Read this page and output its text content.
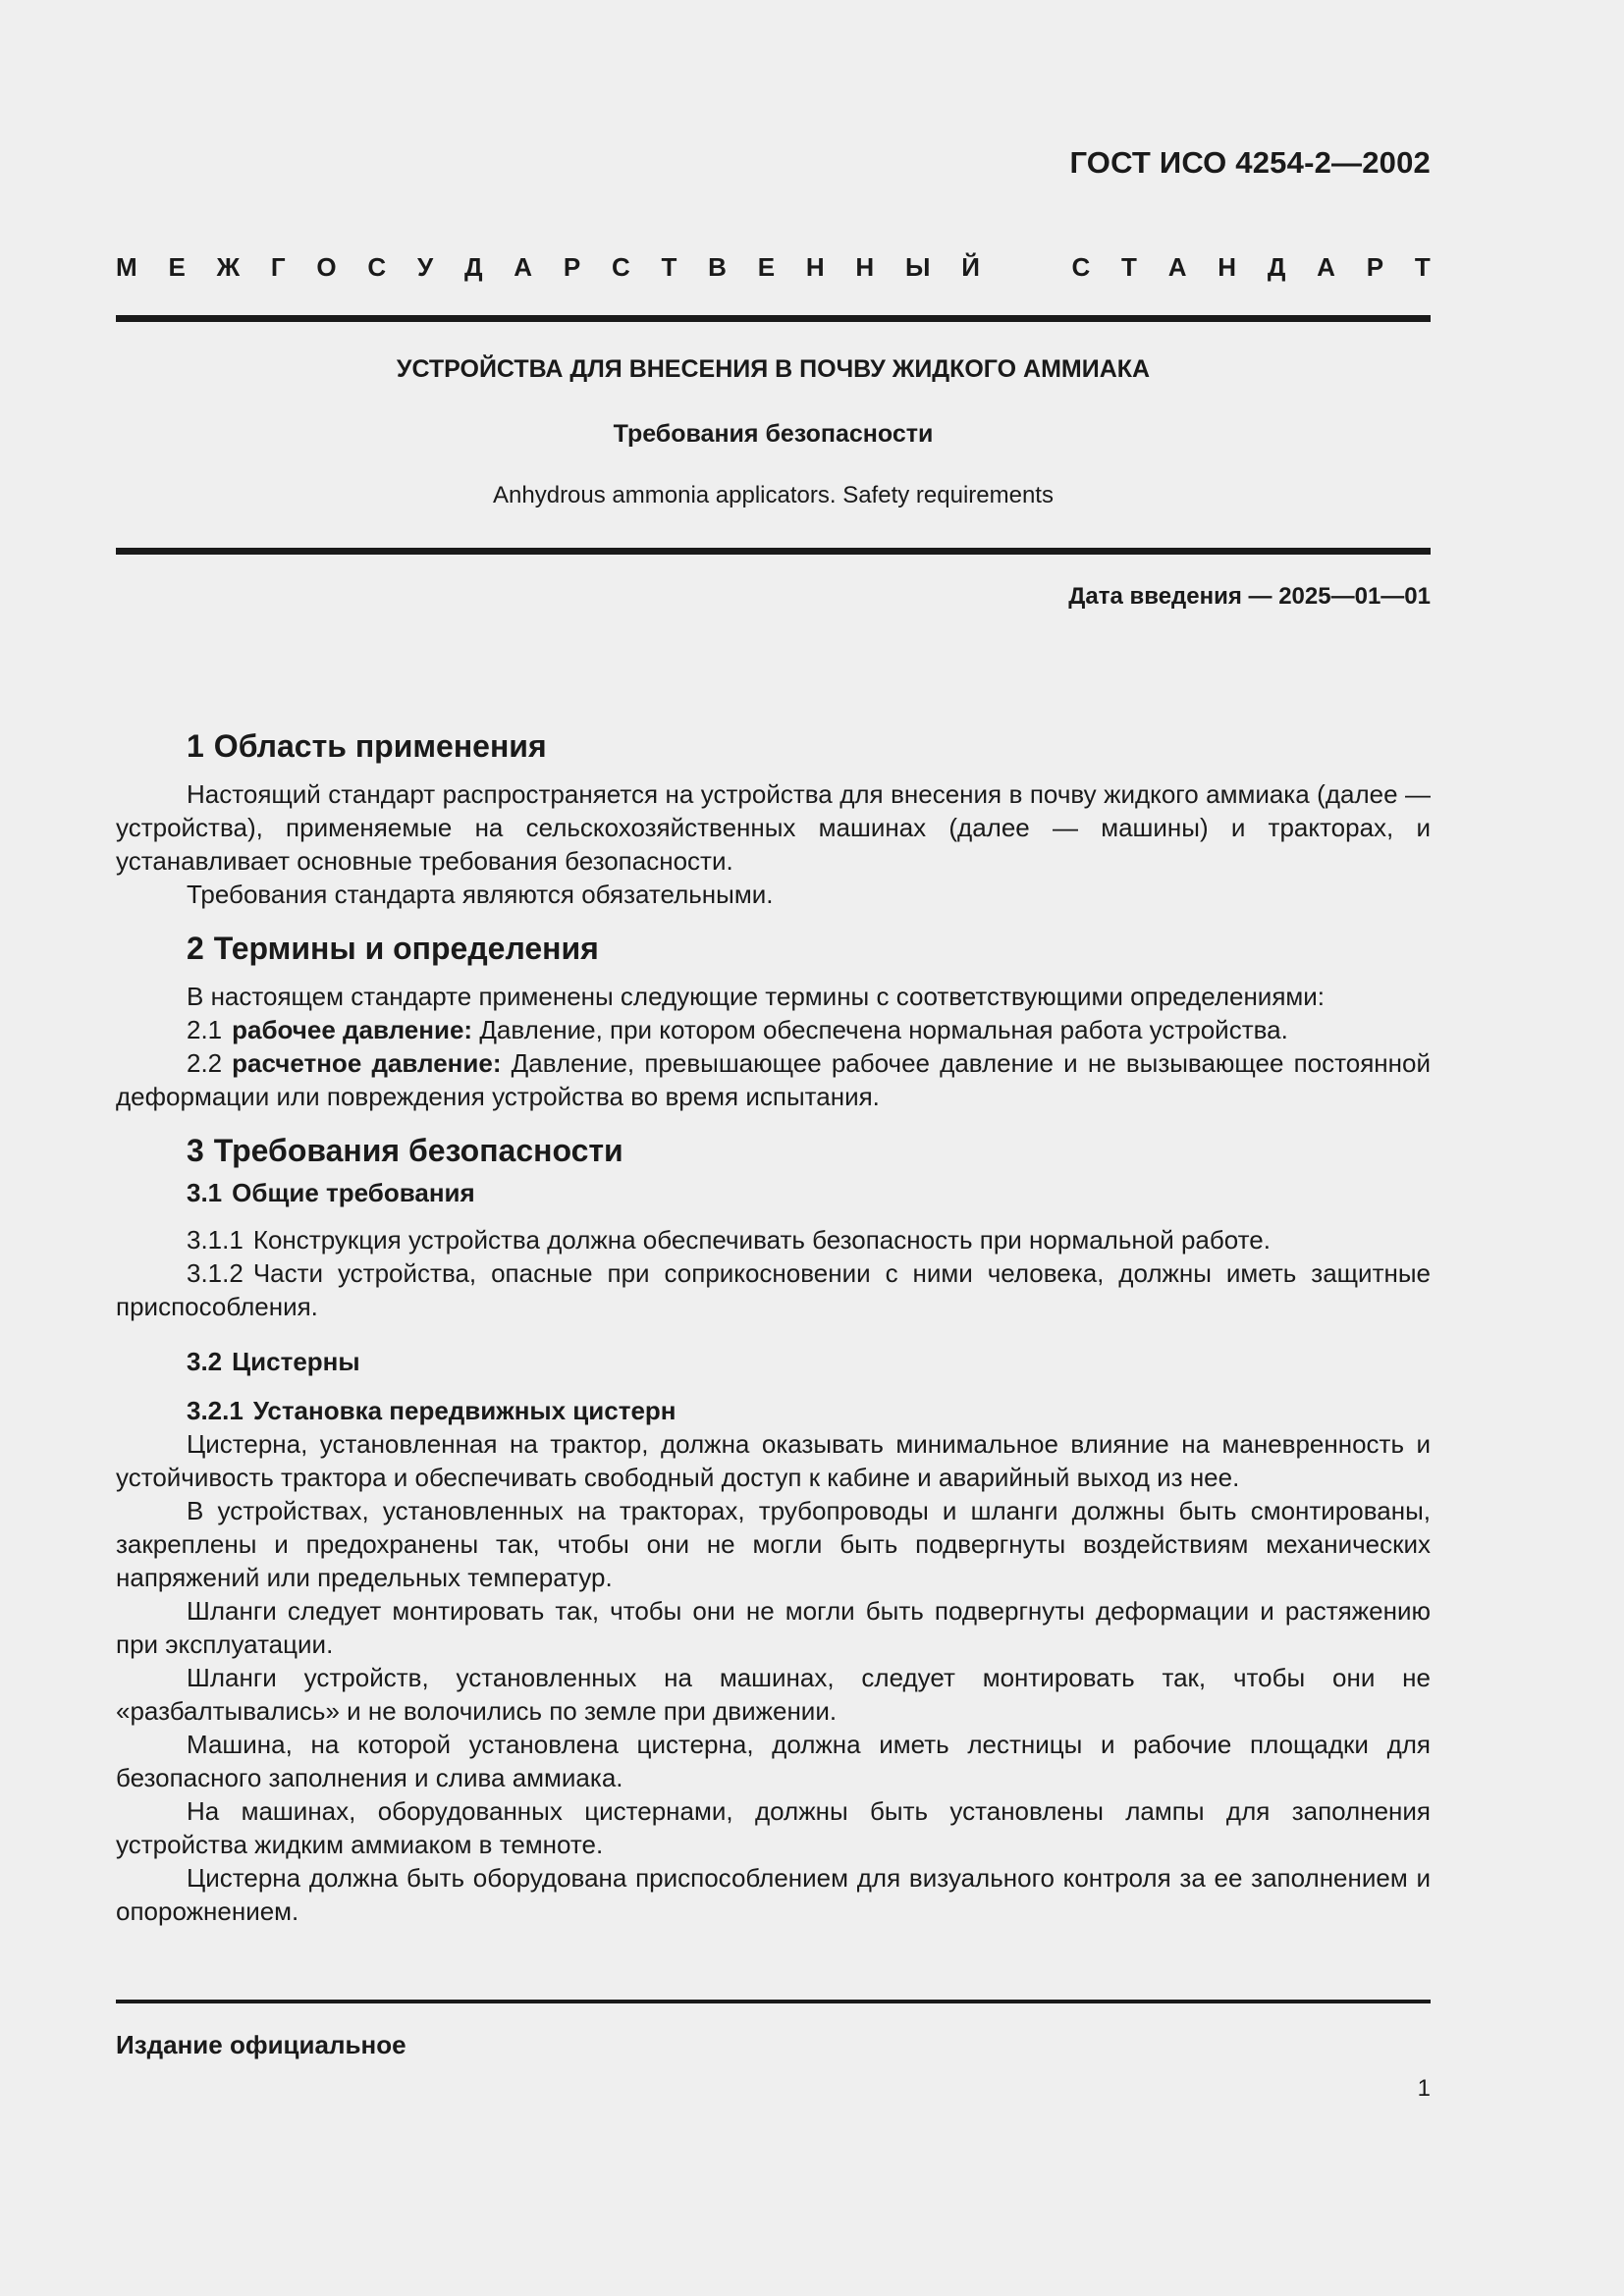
ГОСТ ИСО 4254-2—2002
М Е Ж Г О С У Д А Р С Т В Е Н Н Ы Й	С Т А Н Д А Р Т
УСТРОЙСТВА ДЛЯ ВНЕСЕНИЯ В ПОЧВУ ЖИДКОГО АММИАКА
Требования безопасности
Anhydrous ammonia applicators. Safety requirements
Дата введения — 2025—01—01
1 Область применения

Настоящий стандарт распространяется на устройства для внесения в почву жидкого аммиака (далее — устройства), применяемые на сельскохозяйственных машинах (далее — машины) и тракторах, и устанавливает основные требования безопасности.

Требования стандарта являются обязательными.

2 Термины и определения

В настоящем стандарте применены следующие термины с соответствующими определениями:

2.1 рабочее давление: Давление, при котором обеспечена нормальная работа устройства.

2.2 расчетное давление: Давление, превышающее рабочее давление и не вызывающее постоянной деформации или повреждения устройства во время испытания.

3 Требования безопасности
3.1 Общие требования

3.1.1 Конструкция устройства должна обеспечивать безопасность при нормальной работе.

3.1.2 Части устройства, опасные при соприкосновении с ними человека, должны иметь защитные приспособления.

3.2 Цистерны
3.2.1 Установка передвижных цистерн

Цистерна, установленная на трактор, должна оказывать минимальное влияние на маневренность и устойчивость трактора и обеспечивать свободный доступ к кабине и аварийный выход из нее.

В устройствах, установленных на тракторах, трубопроводы и шланги должны быть смонтированы, закреплены и предохранены так, чтобы они не могли быть подвергнуты воздействиям механических напряжений или предельных температур.

Шланги следует монтировать так, чтобы они не могли быть подвергнуты деформации и растяжению при эксплуатации.

Шланги устройств, установленных на машинах, следует монтировать так, чтобы они не «разбалтывались» и не волочились по земле при движении.

Машина, на которой установлена цистерна, должна иметь лестницы и рабочие площадки для безопасного заполнения и слива аммиака.

На машинах, оборудованных цистернами, должны быть установлены лампы для заполнения устройства жидким аммиаком в темноте.

Цистерна должна быть оборудована приспособлением для визуального контроля за ее заполнением и опорожнением.

Издание официальное
1
